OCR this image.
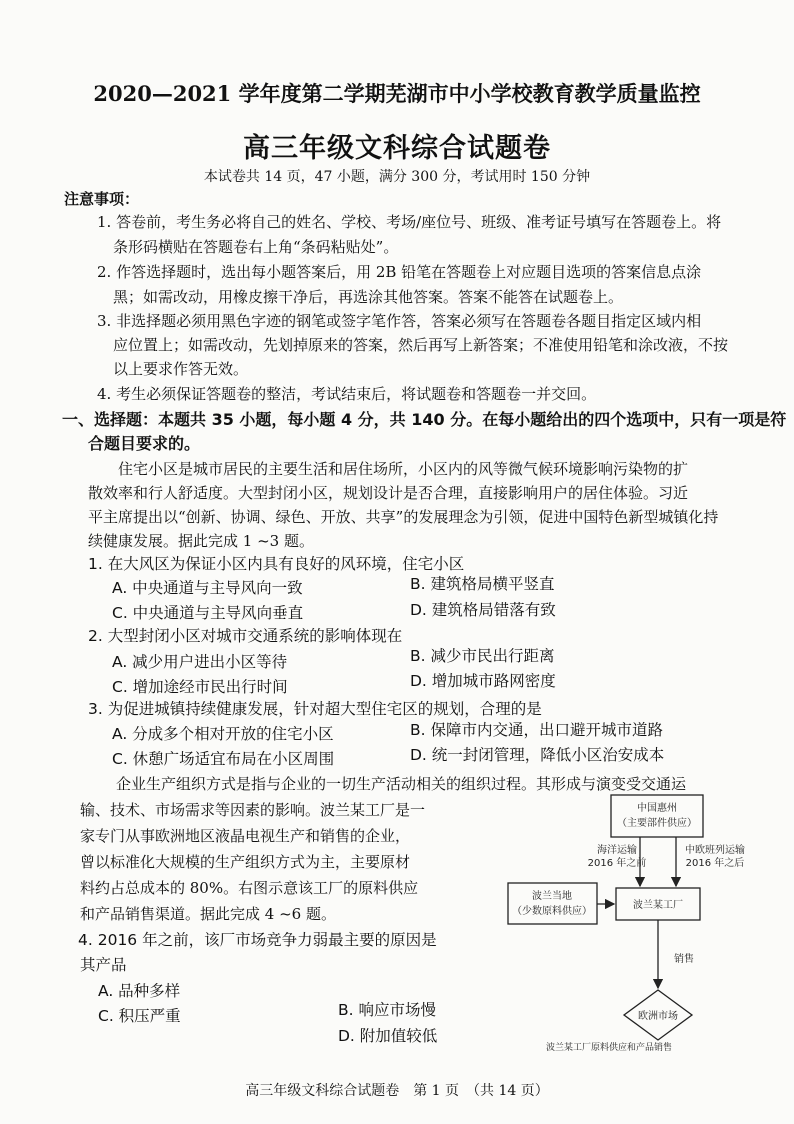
2020—2021 学年度第二学期芜湖市中小学校教育教学质量监控
高三年级文科综合试题卷
本试卷共 14 页，47 小题，满分 300 分，考试用时 150 分钟
注意事项：
1. 答卷前，考生务必将自己的姓名、学校、考场/座位号、班级、准考证号填写在答题卷上。将
条形码横贴在答题卷右上角“条码粘贴处”。
2. 作答选择题时，选出每小题答案后，用 2B 铅笔在答题卷上对应题目选项的答案信息点涂
黑；如需改动，用橡皮擦干净后，再选涂其他答案。答案不能答在试题卷上。
3. 非选择题必须用黑色字迹的钢笔或签字笔作答，答案必须写在答题卷各题目指定区域内相
应位置上；如需改动，先划掉原来的答案，然后再写上新答案；不准使用铅笔和涂改液，不按
以上要求作答无效。
4. 考生必须保证答题卷的整洁，考试结束后，将试题卷和答题卷一并交回。
一、选择题：本题共 35 小题，每小题 4 分，共 140 分。在每小题给出的四个选项中，只有一项是符
合题目要求的。
住宅小区是城市居民的主要生活和居住场所，小区内的风等微气候环境影响污染物的扩
散效率和行人舒适度。大型封闭小区，规划设计是否合理，直接影响用户的居住体验。习近
平主席提出以“创新、协调、绿色、开放、共享”的发展理念为引领，促进中国特色新型城镇化持
续健康发展。据此完成 1 ~3 题。
1. 在大风区为保证小区内具有良好的风环境，住宅小区
A. 中央通道与主导风向一致	B. 建筑格局横平竖直
C. 中央通道与主导风向垂直	D. 建筑格局错落有致
2. 大型封闭小区对城市交通系统的影响体现在
A. 减少用户进出小区等待	B. 减少市民出行距离
C. 增加途经市民出行时间	D. 增加城市路网密度
3. 为促进城镇持续健康发展，针对超大型住宅区的规划，合理的是
A. 分成多个相对开放的住宅小区	B. 保障市内交通，出口避开城市道路
C. 休憩广场适宜布局在小区周围	D. 统一封闭管理，降低小区治安成本
企业生产组织方式是指与企业的一切生产活动相关的组织过程。其形成与演变受交通运
输、技术、市场需求等因素的影响。波兰某工厂是一
家专门从事欧洲地区液晶电视生产和销售的企业，
曾以标准化大规模的生产组织方式为主，主要原材
料约占总成本的 80%。右图示意该工厂的原料供应
和产品销售渠道。据此完成 4 ~6 题。
4. 2016 年之前，该厂市场竞争力弱最主要的原因是
其产品
A. 品种多样
B. 响应市场慢
C. 积压严重
D. 附加值较低
中国惠州
（主要部件供应）
海洋运输
2016 年之前
中欧班列运输
2016 年之后
波兰当地
（少数原料供应）
波兰某工厂
销售
欧洲市场
波兰某工厂原料供应和产品销售
高三年级文科综合试题卷　第 1 页　（共 14 页）
